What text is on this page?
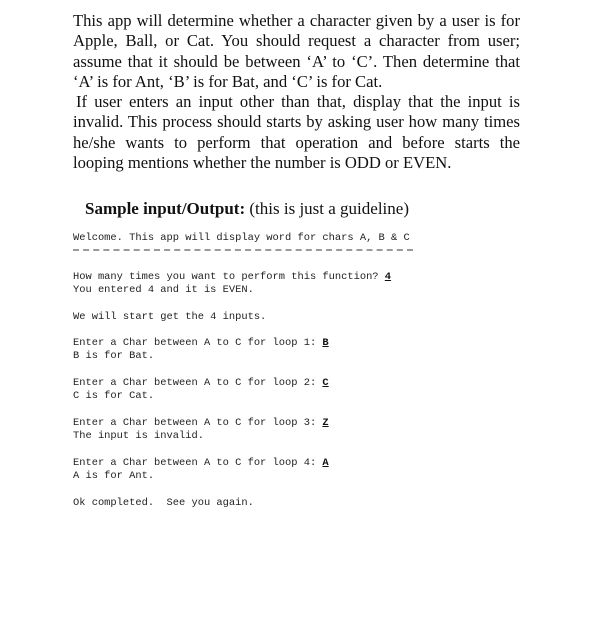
This app will determine whether a character given by a user is for Apple, Ball, or Cat. You should request a character from user; assume that it should be between ‘A’ to ‘C’. Then determine that ‘A’ is for Ant, ‘B’ is for Bat, and ‘C’ is for Cat.

If user enters an input other than that, display that the input is invalid. This process should starts by asking user how many times he/she wants to perform that operation and before starts the looping mentions whether the number is ODD or EVEN.

Sample input/Output: (this is just a guideline)

Welcome. This app will display word for chars A, B & C

How many times you want to perform this function? 4

You entered 4 and it is EVEN.

We will start get the 4 inputs.

Enter a Char between A to C for loop 1: B

B is for Bat.

Enter a Char between A to C for loop 2: C

C is for Cat.

Enter a Char between A to C for loop 3: Z

The input is invalid.

Enter a Char between A to C for loop 4: A

A is for Ant.

Ok completed.  See you again.
